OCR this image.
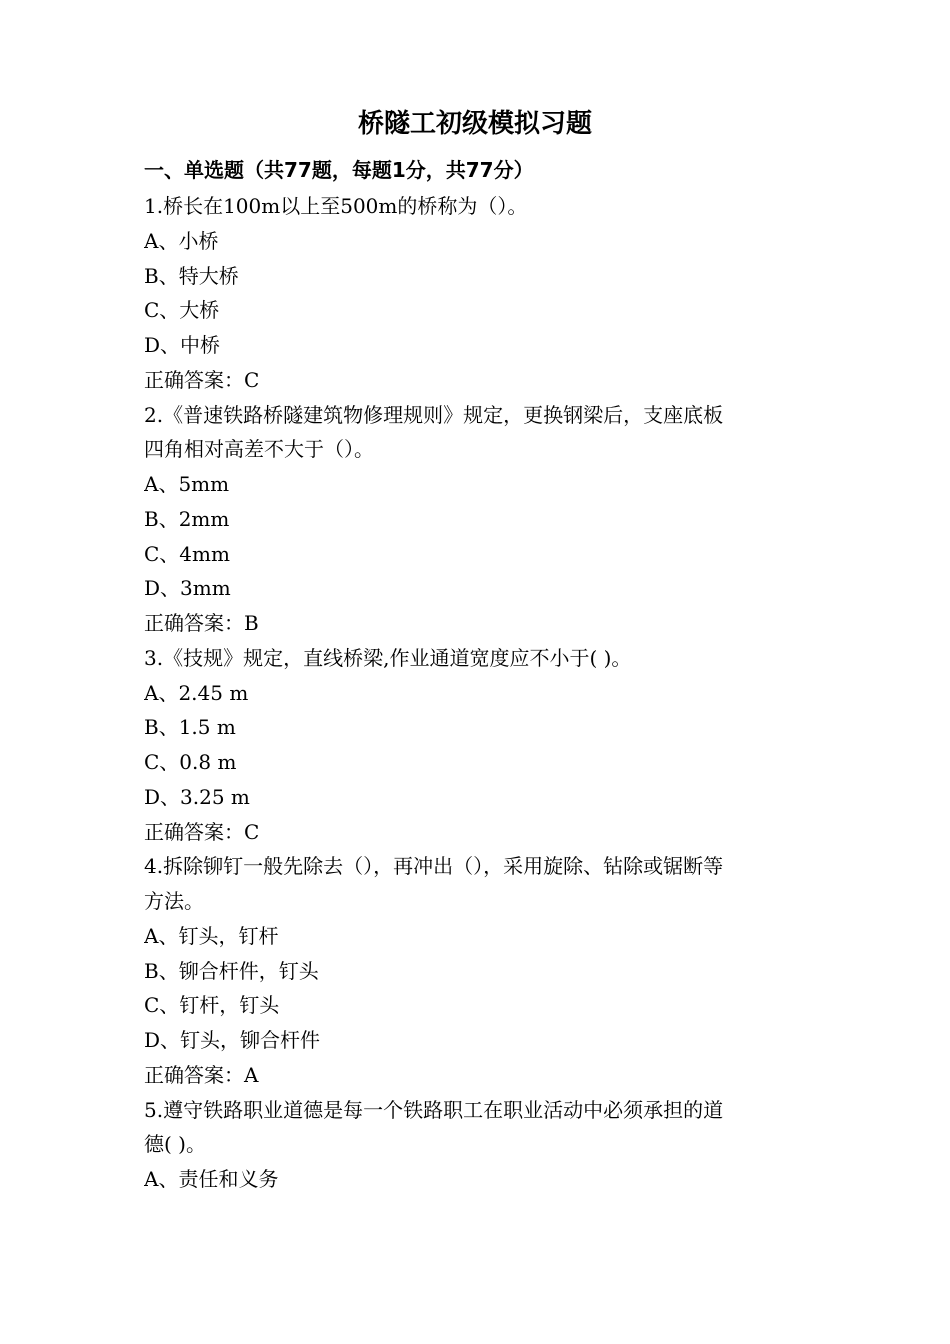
桥隧工初级模拟习题
一、单选题（共77题，每题1分，共77分）

1.桥长在100m以上至500m的桥称为（）。

A、小桥

B、特大桥

C、大桥

D、中桥

正确答案：C

2.《普速铁路桥隧建筑物修理规则》规定，更换钢梁后，支座底板

四角相对高差不大于（）。

A、5mm

B、2mm

C、4mm

D、3mm

正确答案：B

3.《技规》规定，直线桥梁,作业通道宽度应不小于( )。

A、2.45 m

B、1.5 m

C、0.8 m

D、3.25 m

正确答案：C

4.拆除铆钉一般先除去（），再冲出（），采用旋除、钻除或锯断等

方法。

A、钉头，钉杆

B、铆合杆件，钉头

C、钉杆，钉头

D、钉头，铆合杆件

正确答案：A

5.遵守铁路职业道德是每一个铁路职工在职业活动中必须承担的道

德( )。

A、责任和义务
